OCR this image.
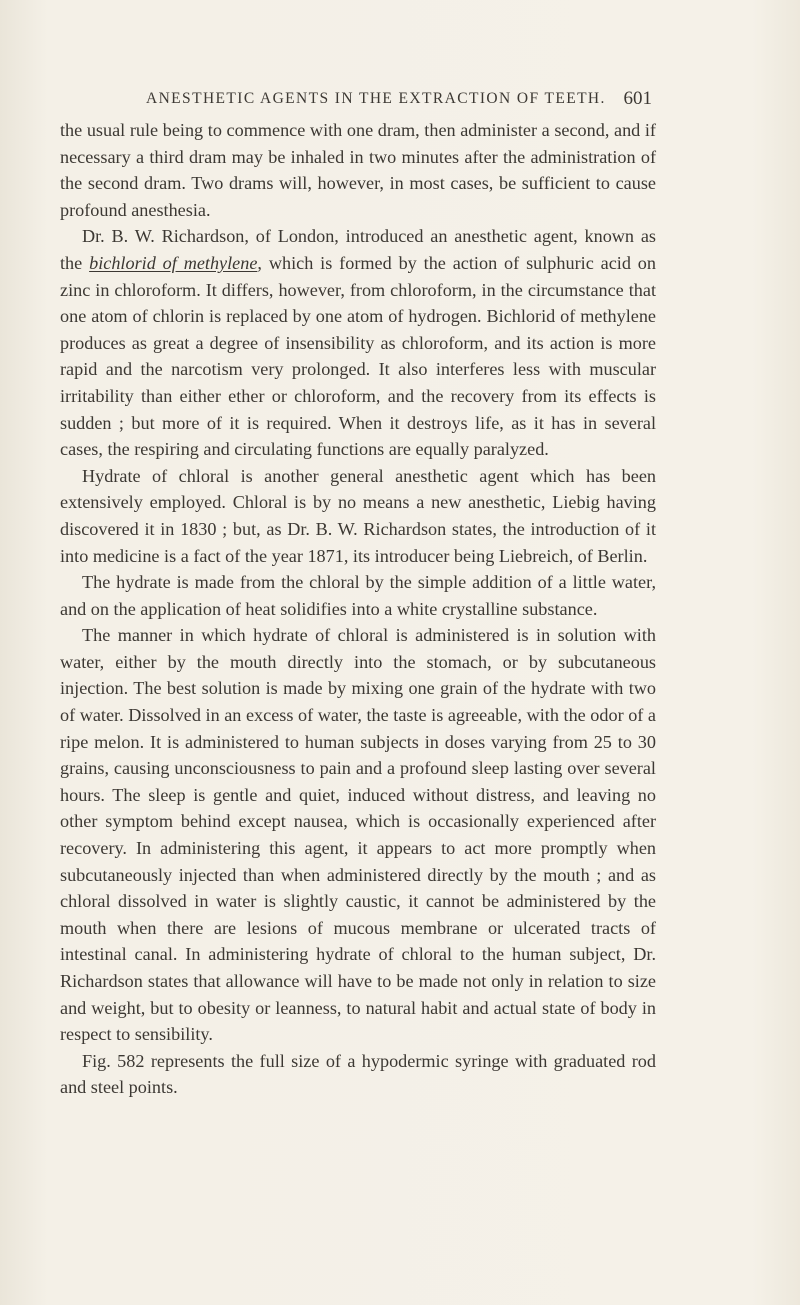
ANESTHETIC AGENTS IN THE EXTRACTION OF TEETH. 601

the usual rule being to commence with one dram, then administer a second, and if necessary a third dram may be inhaled in two minutes after the administration of the second dram. Two drams will, however, in most cases, be sufficient to cause profound anesthesia.

Dr. B. W. Richardson, of London, introduced an anesthetic agent, known as the bichlorid of methylene, which is formed by the action of sulphuric acid on zinc in chloroform. It differs, however, from chloroform, in the circumstance that one atom of chlorin is replaced by one atom of hydrogen. Bichlorid of methylene produces as great a degree of insensibility as chloroform, and its action is more rapid and the narcotism very prolonged. It also interferes less with muscular irritability than either ether or chloroform, and the recovery from its effects is sudden ; but more of it is required. When it destroys life, as it has in several cases, the respiring and circulating functions are equally paralyzed.

Hydrate of chloral is another general anesthetic agent which has been extensively employed. Chloral is by no means a new anesthetic, Liebig having discovered it in 1830 ; but, as Dr. B. W. Richardson states, the introduction of it into medicine is a fact of the year 1871, its introducer being Liebreich, of Berlin.

The hydrate is made from the chloral by the simple addition of a little water, and on the application of heat solidifies into a white crystalline substance.

The manner in which hydrate of chloral is administered is in solution with water, either by the mouth directly into the stomach, or by subcutaneous injection. The best solution is made by mixing one grain of the hydrate with two of water. Dissolved in an excess of water, the taste is agreeable, with the odor of a ripe melon. It is administered to human subjects in doses varying from 25 to 30 grains, causing unconsciousness to pain and a profound sleep lasting over several hours. The sleep is gentle and quiet, induced without distress, and leaving no other symptom behind except nausea, which is occasionally experienced after recovery. In administering this agent, it appears to act more promptly when subcutaneously injected than when administered directly by the mouth ; and as chloral dissolved in water is slightly caustic, it cannot be administered by the mouth when there are lesions of mucous membrane or ulcerated tracts of intestinal canal. In administering hydrate of chloral to the human subject, Dr. Richardson states that allowance will have to be made not only in relation to size and weight, but to obesity or leanness, to natural habit and actual state of body in respect to sensibility.

Fig. 582 represents the full size of a hypodermic syringe with graduated rod and steel points.
